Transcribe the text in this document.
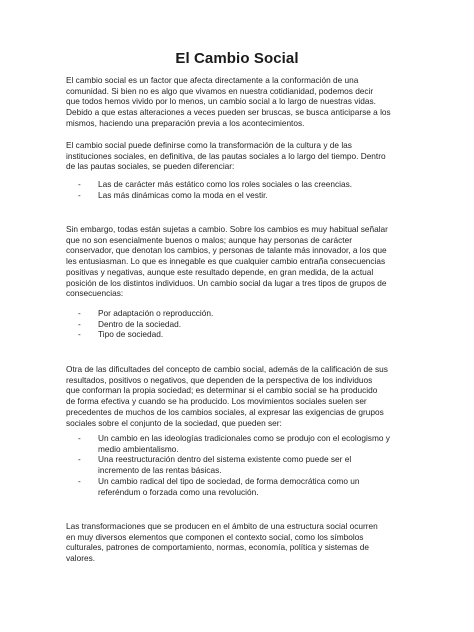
El Cambio Social

El cambio social es un factor que afecta directamente a la conformación de una
comunidad. Si bien no es algo que vivamos en nuestra cotidianidad, podemos decir
que todos hemos vivido por lo menos, un cambio social a lo largo de nuestras vidas.
Debido a que estas alteraciones a veces pueden ser bruscas, se busca anticiparse a los
mismos, haciendo una preparación previa a los acontecimientos.

El cambio social puede definirse como la transformación de la cultura y de las
instituciones sociales, en definitiva, de las pautas sociales a lo largo del tiempo. Dentro
de las pautas sociales, se pueden diferenciar:

- Las de carácter más estático como los roles sociales o las creencias.
- Las más dinámicas como la moda en el vestir.

Sin embargo, todas están sujetas a cambio. Sobre los cambios es muy habitual señalar
que no son esencialmente buenos o malos; aunque hay personas de carácter
conservador, que denotan los cambios, y personas de talante más innovador, a los que
les entusiasman. Lo que es innegable es que cualquier cambio entraña consecuencias
positivas y negativas, aunque este resultado depende, en gran medida, de la actual
posición de los distintos individuos. Un cambio social da lugar a tres tipos de grupos de
consecuencias:

- Por adaptación o reproducción.
- Dentro de la sociedad.
- Tipo de sociedad.

Otra de las dificultades del concepto de cambio social, además de la calificación de sus
resultados, positivos o negativos, que dependen de la perspectiva de los individuos
que conforman la propia sociedad; es determinar si el cambio social se ha producido
de forma efectiva y cuando se ha producido. Los movimientos sociales suelen ser
precedentes de muchos de los cambios sociales, al expresar las exigencias de grupos
sociales sobre el conjunto de la sociedad, que pueden ser:

- Un cambio en las ideologías tradicionales como se produjo con el ecologismo y
medio ambientalismo.
- Una reestructuración dentro del sistema existente como puede ser el
incremento de las rentas básicas.
- Un cambio radical del tipo de sociedad, de forma democrática como un
referéndum o forzada como una revolución.

Las transformaciones que se producen en el ámbito de una estructura social ocurren
en muy diversos elementos que componen el contexto social, como los símbolos
culturales, patrones de comportamiento, normas, economía, política y sistemas de
valores.
